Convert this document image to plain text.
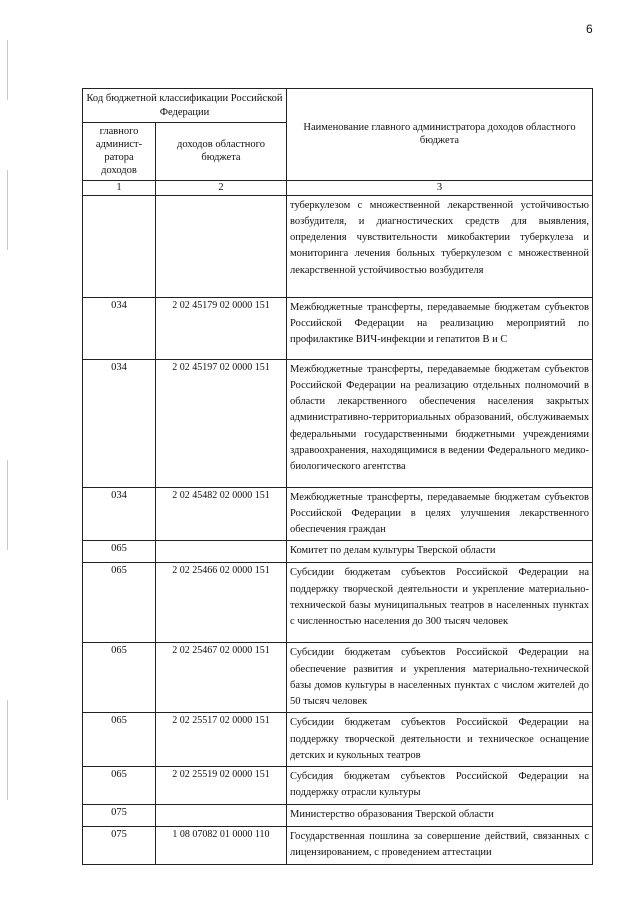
6
Код бюджетной классификации Российской Федерации		Наименование главного администратора доходов областного бюджета
главного админист-ратора доходов	доходов областного бюджета	
1	2	3
		туберкулезом с множественной лекарственной устойчивостью возбудителя, и диагностических средств для выявления, определения чувствительности микобактерии туберкулеза и мониторинга лечения больных туберкулезом с множественной лекарственной устойчивостью возбудителя
034	2 02 45179 02 0000 151	Межбюджетные трансферты, передаваемые бюджетам субъектов Российской Федерации на реализацию мероприятий по профилактике ВИЧ-инфекции и гепатитов B и C
034	2 02 45197 02 0000 151	Межбюджетные трансферты, передаваемые бюджетам субъектов Российской Федерации на реализацию отдельных полномочий в области лекарственного обеспечения населения закрытых административно-территориальных образований, обслуживаемых федеральными государственными бюджетными учреждениями здравоохранения, находящимися в ведении Федерального медико-биологического агентства
034	2 02 45482 02 0000 151	Межбюджетные трансферты, передаваемые бюджетам субъектов Российской Федерации в целях улучшения лекарственного обеспечения граждан
065		Комитет по делам культуры Тверской области
065	2 02 25466 02 0000 151	Субсидии бюджетам субъектов Российской Федерации на поддержку творческой деятельности и укрепление материально-технической базы муниципальных театров в населенных пунктах с численностью населения до 300 тысяч человек
065	2 02 25467 02 0000 151	Субсидии бюджетам субъектов Российской Федерации на обеспечение развития и укрепления материально-технической базы домов культуры в населенных пунктах с числом жителей до 50 тысяч человек
065	2 02 25517 02 0000 151	Субсидии бюджетам субъектов Российской Федерации на поддержку творческой деятельности и техническое оснащение детских и кукольных театров
065	2 02 25519 02 0000 151	Субсидия бюджетам субъектов Российской Федерации на поддержку отрасли культуры
075		Министерство образования Тверской области
075	1 08 07082 01 0000 110	Государственная пошлина за совершение действий, связанных с лицензированием, с проведением аттестации
